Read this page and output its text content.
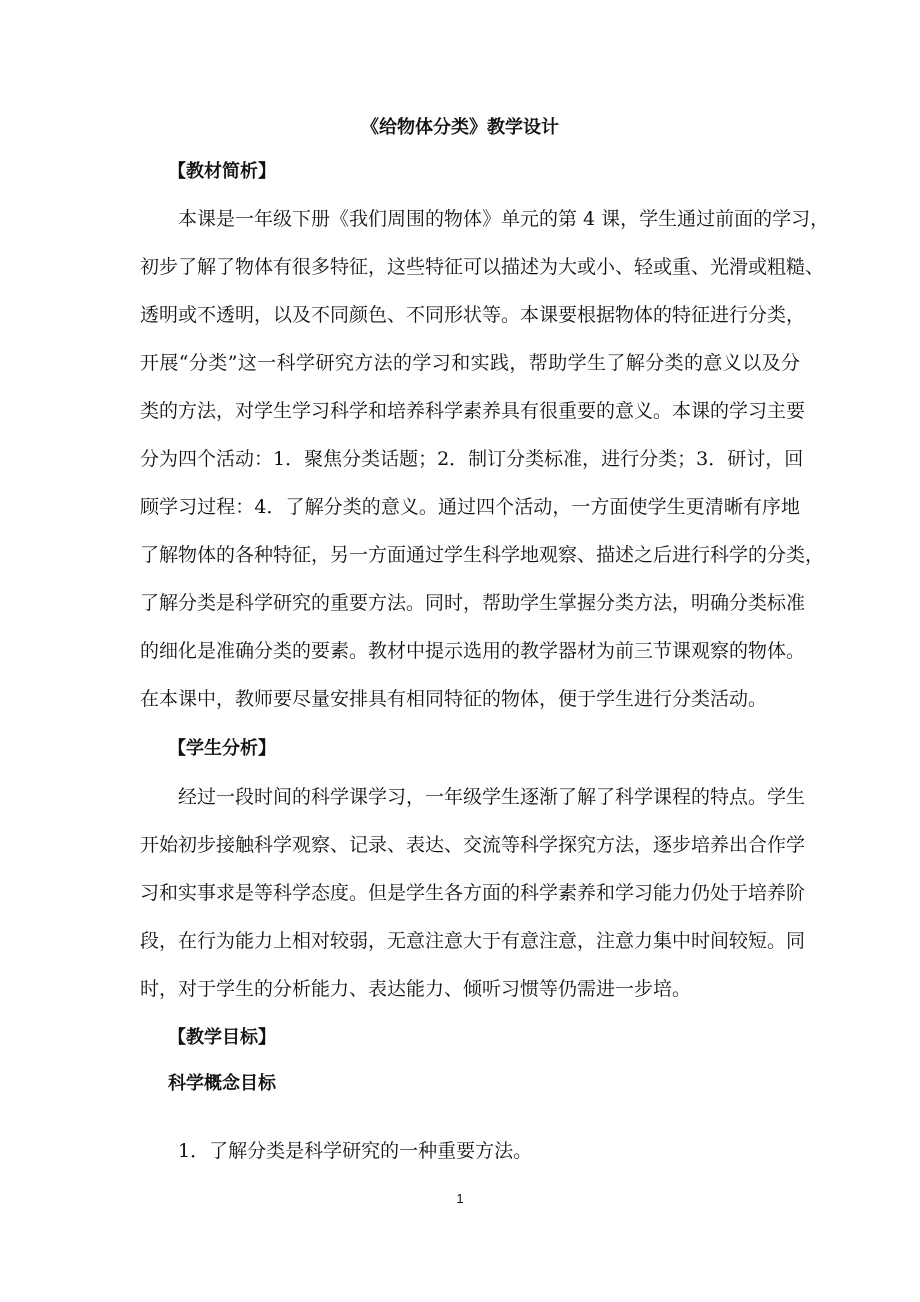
《给物体分类》教学设计
【教材简析】
本课是一年级下册《我们周围的物体》单元的第 4 课，学生通过前面的学习，
初步了解了物体有很多特征，这些特征可以描述为大或小、轻或重、光滑或粗糙、
透明或不透明，以及不同颜色、不同形状等。本课要根据物体的特征进行分类，
开展“分类”这一科学研究方法的学习和实践，帮助学生了解分类的意义以及分
类的方法，对学生学习科学和培养科学素养具有很重要的意义。本课的学习主要
分为四个活动：1．聚焦分类话题；2．制订分类标准，进行分类；3．研讨，回
顾学习过程：4．了解分类的意义。通过四个活动，一方面使学生更清晰有序地
了解物体的各种特征，另一方面通过学生科学地观察、描述之后进行科学的分类，
了解分类是科学研究的重要方法。同时，帮助学生掌握分类方法，明确分类标准
的细化是准确分类的要素。教材中提示选用的教学器材为前三节课观察的物体。
在本课中，教师要尽量安排具有相同特征的物体，便于学生进行分类活动。
【学生分析】
经过一段时间的科学课学习，一年级学生逐渐了解了科学课程的特点。学生
开始初步接触科学观察、记录、表达、交流等科学探究方法，逐步培养出合作学
习和实事求是等科学态度。但是学生各方面的科学素养和学习能力仍处于培养阶
段，在行为能力上相对较弱，无意注意大于有意注意，注意力集中时间较短。同
时，对于学生的分析能力、表达能力、倾听习惯等仍需进一步培。
【教学目标】
科学概念目标
1．了解分类是科学研究的一种重要方法。
1
